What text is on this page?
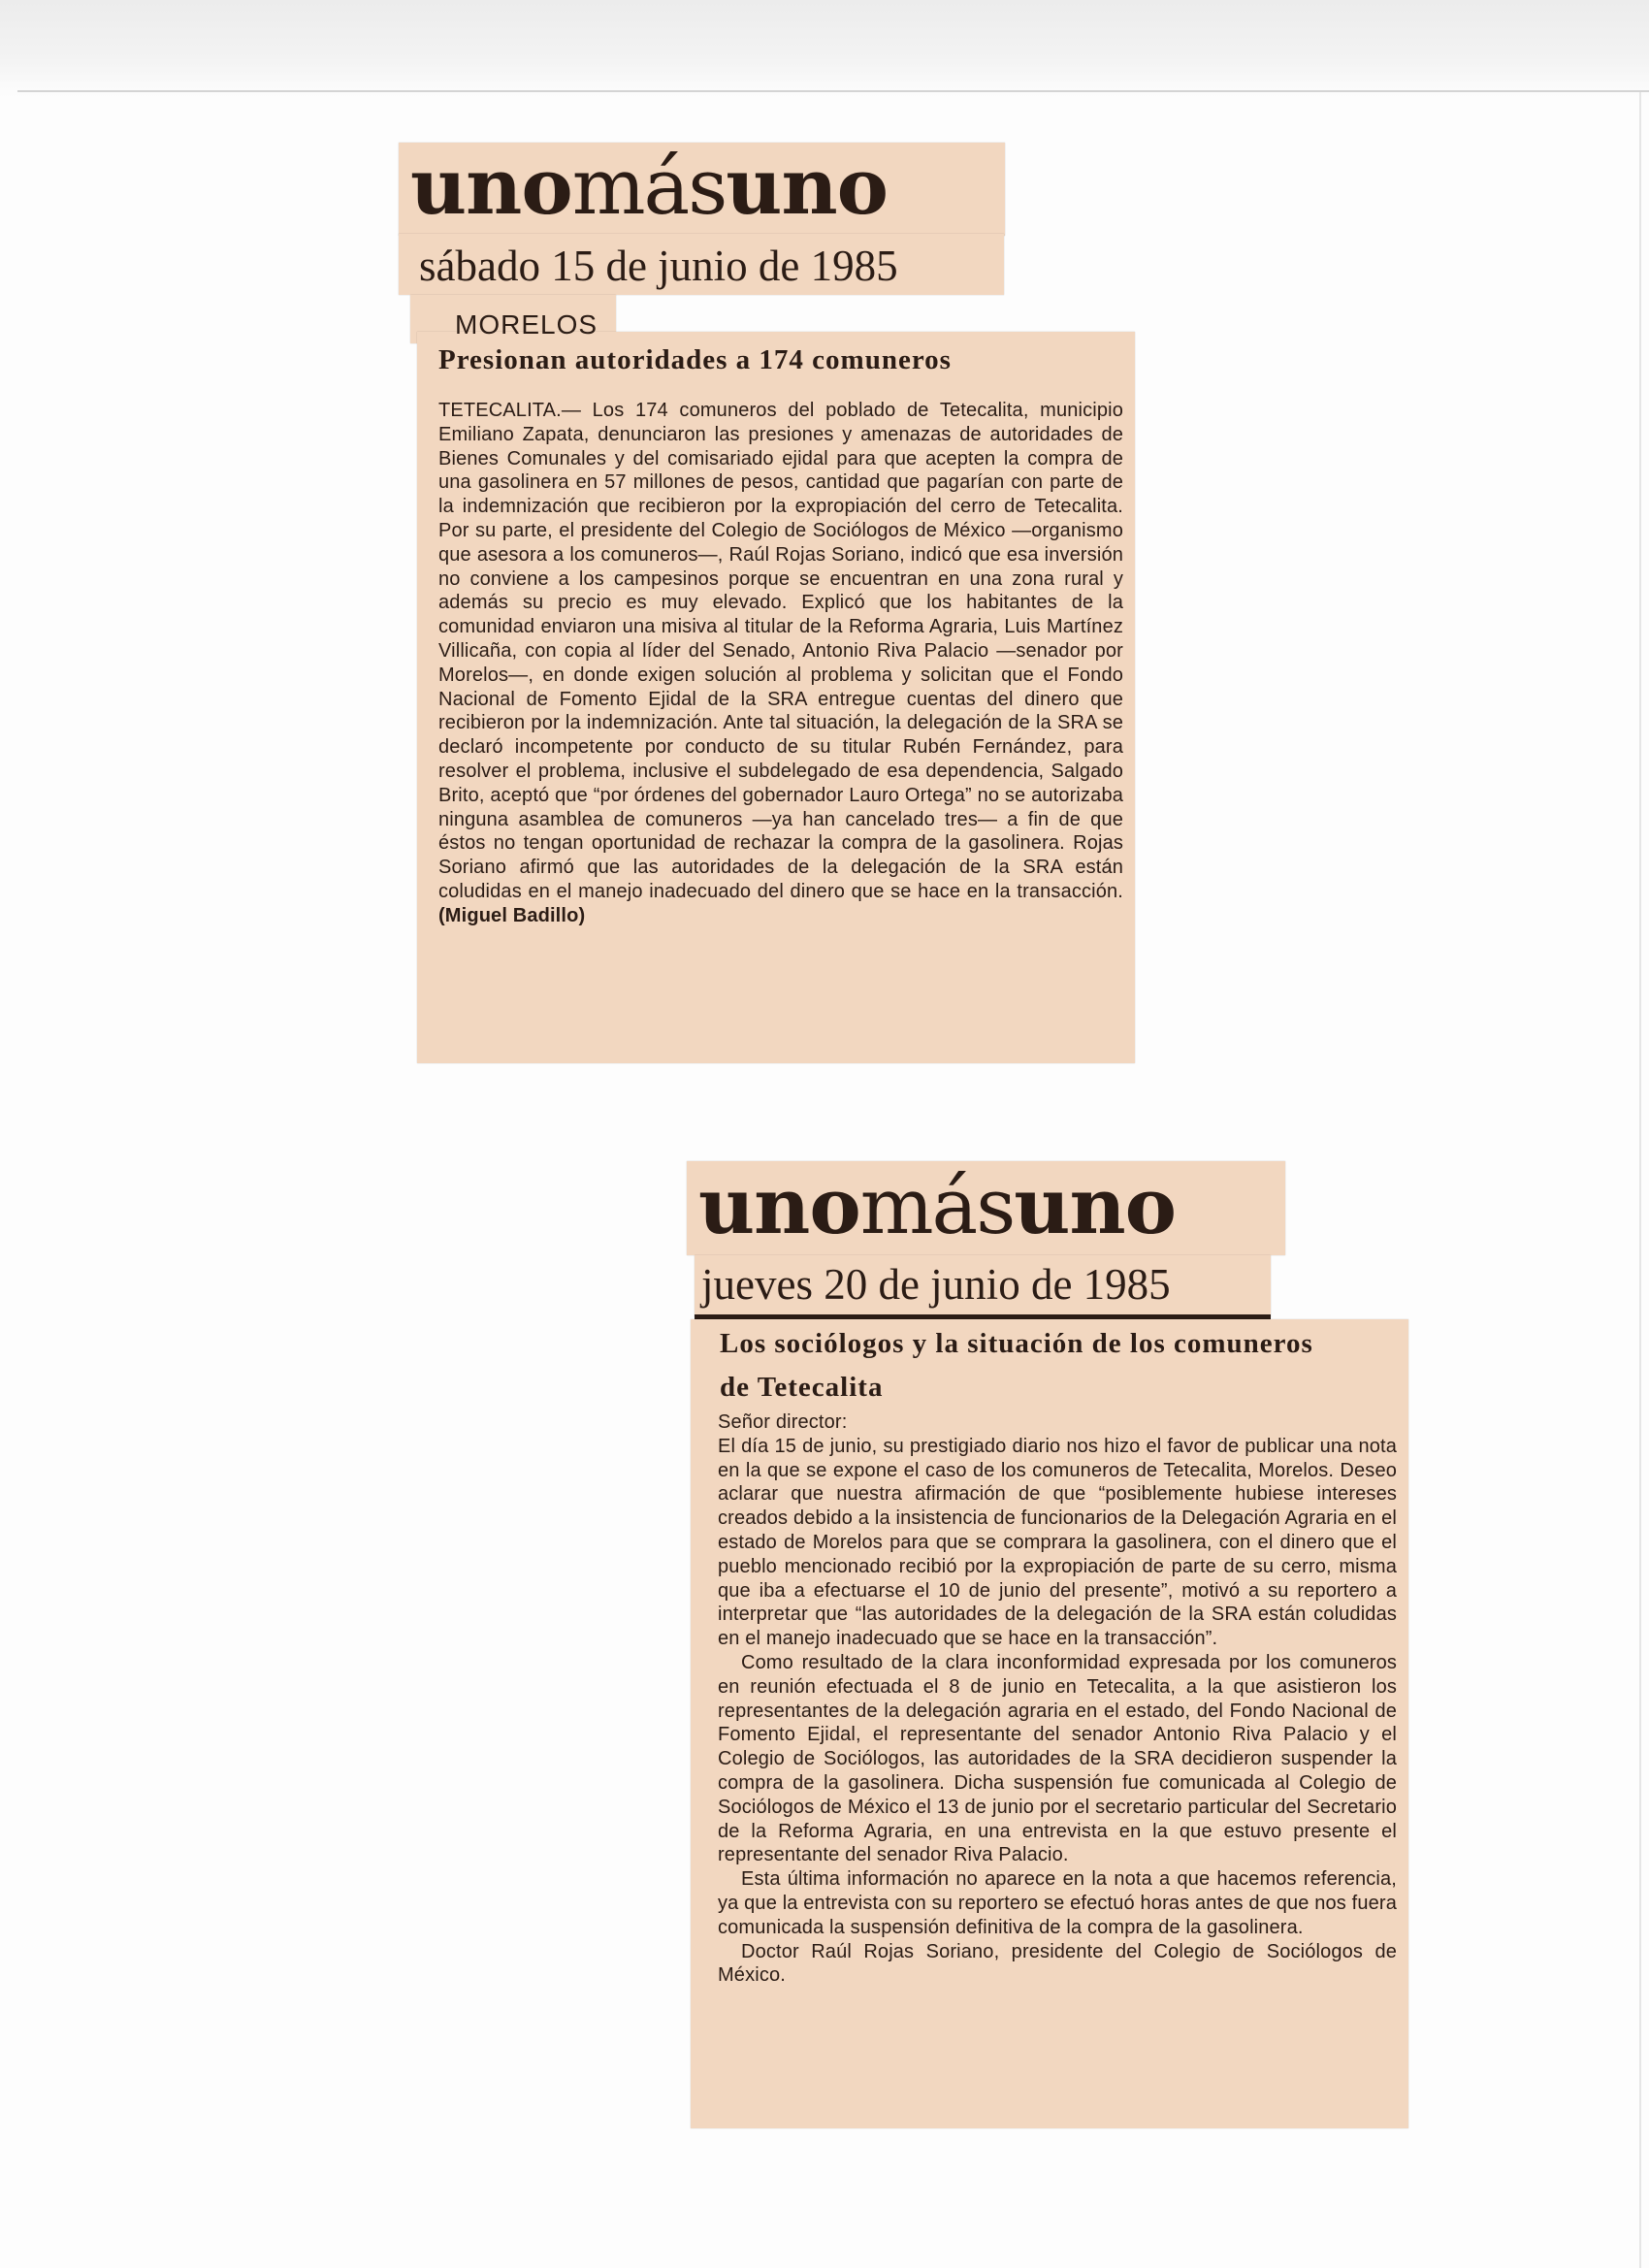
unomásuno
sábado 15 de junio de 1985
MORELOS
Presionan autoridades a 174 comuneros

TETECALITA.— Los 174 comuneros del poblado de Tetecalita, municipio Emiliano Zapata, denunciaron las presiones y amenazas de autoridades de Bienes Comunales y del comisariado ejidal para que acepten la compra de una gasolinera en 57 millones de pesos, cantidad que pagarían con parte de la indemnización que recibieron por la expropiación del cerro de Tetecalita. Por su parte, el presidente del Colegio de Sociólogos de México —organismo que asesora a los comuneros—, Raúl Rojas Soriano, indicó que esa inversión no conviene a los campesinos porque se encuentran en una zona rural y además su precio es muy elevado. Explicó que los habitantes de la comunidad enviaron una misiva al titular de la Reforma Agraria, Luis Martínez Villicaña, con copia al líder del Senado, Antonio Riva Palacio —senador por Morelos—, en donde exigen solución al problema y solicitan que el Fondo Nacional de Fomento Ejidal de la SRA entregue cuentas del dinero que recibieron por la indemnización. Ante tal situación, la delegación de la SRA se declaró incompetente por conducto de su titular Rubén Fernández, para resolver el problema, inclusive el subdelegado de esa dependencia, Salgado Brito, aceptó que “por órdenes del gobernador Lauro Ortega” no se autorizaba ninguna asamblea de comuneros —ya han cancelado tres— a fin de que éstos no tengan oportunidad de rechazar la compra de la gasolinera. Rojas Soriano afirmó que las autoridades de la delegación de la SRA están coludidas en el manejo inadecuado del dinero que se hace en la transacción. (Miguel Badillo)

unomásuno
jueves 20 de junio de 1985
Los sociólogos y la situación de los comuneros de Tetecalita

Señor director:

El día 15 de junio, su prestigiado diario nos hizo el favor de publicar una nota en la que se expone el caso de los comuneros de Tetecalita, Morelos. Deseo aclarar que nuestra afirmación de que “posiblemente hubiese intereses creados debido a la insistencia de funcionarios de la Delegación Agraria en el estado de Morelos para que se comprara la gasolinera, con el dinero que el pueblo mencionado recibió por la expropiación de parte de su cerro, misma que iba a efectuarse el 10 de junio del presente”, motivó a su reportero a interpretar que “las autoridades de la delegación de la SRA están coludidas en el manejo inadecuado que se hace en la transacción”.

Como resultado de la clara inconformidad expresada por los comuneros en reunión efectuada el 8 de junio en Tetecalita, a la que asistieron los representantes de la delegación agraria en el estado, del Fondo Nacional de Fomento Ejidal, el representante del senador Antonio Riva Palacio y el Colegio de Sociólogos, las autoridades de la SRA decidieron suspender la compra de la gasolinera. Dicha suspensión fue comunicada al Colegio de Sociólogos de México el 13 de junio por el secretario particular del Secretario de la Reforma Agraria, en una entrevista en la que estuvo presente el representante del senador Riva Palacio.

Esta última información no aparece en la nota a que hacemos referencia, ya que la entrevista con su reportero se efectuó horas antes de que nos fuera comunicada la suspensión definitiva de la compra de la gasolinera.

Doctor Raúl Rojas Soriano, presidente del Colegio de Sociólogos de México.
